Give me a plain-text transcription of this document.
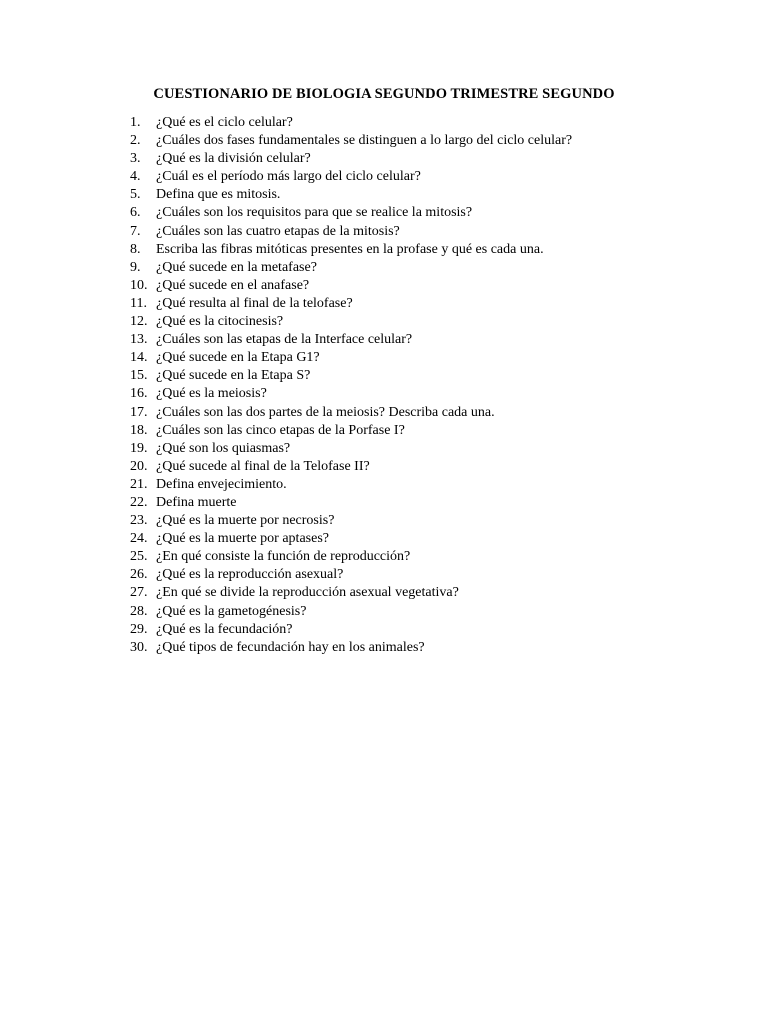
CUESTIONARIO DE BIOLOGIA SEGUNDO TRIMESTRE SEGUNDO
1.	¿Qué es el ciclo celular?
2.	¿Cuáles dos fases fundamentales se distinguen a lo largo del ciclo celular?
3.	¿Qué es la división celular?
4.	¿Cuál es el período más largo del ciclo celular?
5.	Defina que es mitosis.
6.	¿Cuáles son los requisitos para que se realice la mitosis?
7.	¿Cuáles son las cuatro etapas de la mitosis?
8.	Escriba las fibras mitóticas presentes en la profase y qué es cada una.
9.	¿Qué sucede en la metafase?
10. ¿Qué sucede en el anafase?
11. ¿Qué resulta al final de la telofase?
12. ¿Qué es la citocinesis?
13. ¿Cuáles son las etapas de la Interface celular?
14. ¿Qué sucede en la Etapa G1?
15. ¿Qué sucede en la Etapa S?
16. ¿Qué es la meiosis?
17. ¿Cuáles son las dos partes de la meiosis? Describa cada una.
18. ¿Cuáles son las cinco etapas de la Porfase I?
19. ¿Qué son los quiasmas?
20. ¿Qué sucede al final de la Telofase II?
21. Defina envejecimiento.
22. Defina muerte
23. ¿Qué es la muerte por necrosis?
24. ¿Qué es la muerte por aptases?
25. ¿En qué consiste la función de reproducción?
26. ¿Qué es la reproducción asexual?
27. ¿En qué se divide la reproducción asexual vegetativa?
28. ¿Qué es la gametogénesis?
29. ¿Qué es la fecundación?
30. ¿Qué tipos de fecundación hay en los animales?
